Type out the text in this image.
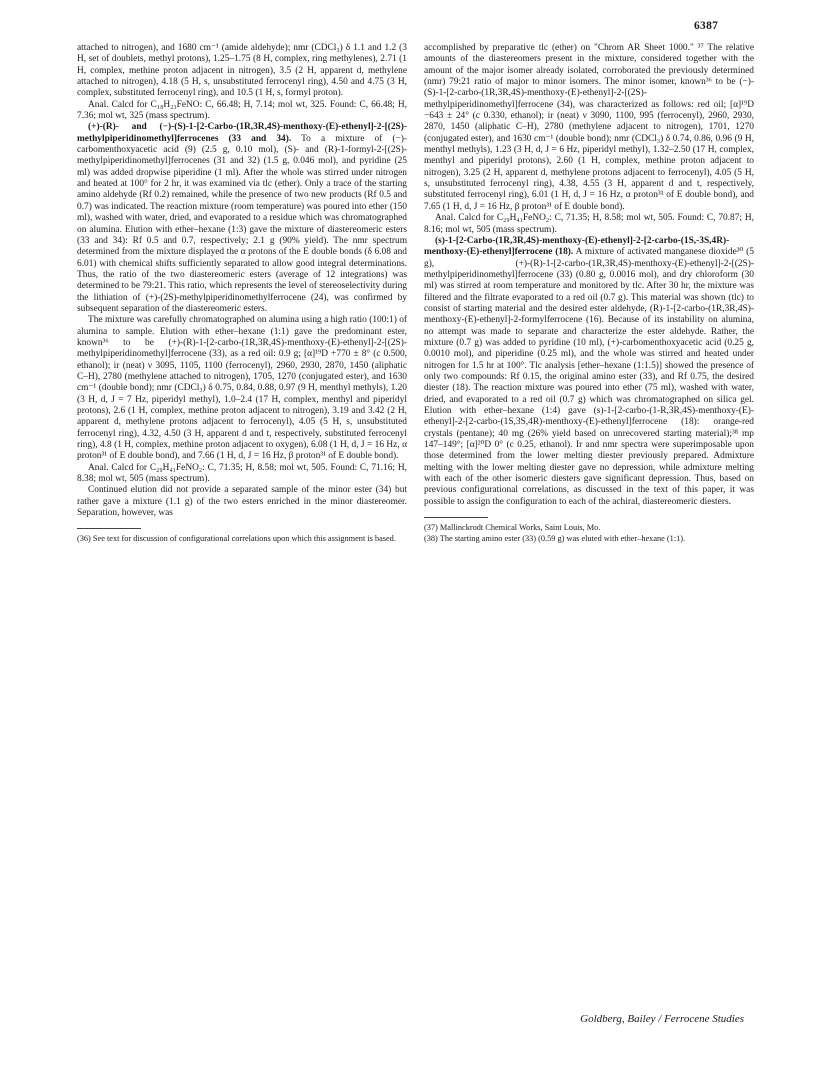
6387

attached to nitrogen), and 1680 cm⁻¹ (amide aldehyde); nmr (CDCl₃) δ 1.1 and 1.2 (3 H, set of doublets, methyl protons), 1.25–1.75 (8 H, complex, ring methylenes), 2.71 (1 H, complex, methine proton adjacent in nitrogen), 3.5 (2 H, apparent d, methylene attached to nitrogen), 4.18 (5 H, s, unsubstituted ferrocenyl ring), 4.50 and 4.75 (3 H, complex, substituted ferrocenyl ring), and 10.5 (1 H, s, formyl proton).

Anal. Calcd for C₁₈H₂₃FeNO: C, 66.48; H, 7.14; mol wt, 325. Found: C, 66.48; H, 7.36; mol wt, 325 (mass spectrum).

(+)-(R)- and (−)-(S)-1-[2-Carbo-(1R,3R,4S)-menthoxy-(E)-ethenyl]-2-[(2S)-methylpiperidinomethyl]ferrocenes (33 and 34). To a mixture of (−)-carbomenthoxyacetic acid (9) (2.5 g, 0.10 mol), (S)- and (R)-1-formyl-2-[(2S)-methylpiperidinomethyl]ferrocenes (31 and 32) (1.5 g, 0.046 mol), and pyridine (25 ml) was added dropwise piperidine (1 ml). After the whole was stirred under nitrogen and heated at 100° for 2 hr, it was examined via tlc (ether). Only a trace of the starting amino aldehyde (Rf 0.2) remained, while the presence of two new products (Rf 0.5 and 0.7) was indicated. The reaction mixture (room temperature) was poured into ether (150 ml), washed with water, dried, and evaporated to a residue which was chromatographed on alumina. Elution with ether–hexane (1:3) gave the mixture of diastereomeric esters (33 and 34): Rf 0.5 and 0.7, respectively; 2.1 g (90% yield). The nmr spectrum determined from the mixture displayed the α protons of the E double bonds (δ 6.08 and 6.01) with chemical shifts sufficiently separated to allow good integral determinations. Thus, the ratio of the two diastereomeric esters (average of 12 integrations) was determined to be 79:21. This ratio, which represents the level of stereoselectivity during the lithiation of (+)-(2S)-methylpiperidinomethylferrocene (24), was confirmed by subsequent separation of the diastereomeric esters.

The mixture was carefully chromatographed on alumina using a high ratio (100:1) of alumina to sample. Elution with ether–hexane (1:1) gave the predominant ester, known³⁶ to be (+)-(R)-1-[2-carbo-(1R,3R,4S)-menthoxy-(E)-ethenyl]-2-[(2S)-methylpiperidinomethyl]ferrocene (33), as a red oil: 0.9 g; [α]¹⁹D +770 ± 8° (c 0.500, ethanol); ir (neat) ν 3095, 1105, 1100 (ferrocenyl), 2960, 2930, 2870, 1450 (aliphatic C–H), 2780 (methylene attached to nitrogen), 1705, 1270 (conjugated ester), and 1630 cm⁻¹ (double bond); nmr (CDCl₃) δ 0.75, 0.84, 0.88, 0.97 (9 H, menthyl methyls), 1.20 (3 H, d, J = 7 Hz, piperidyl methyl), 1.0–2.4 (17 H, complex, menthyl and piperidyl protons), 2.6 (1 H, complex, methine proton adjacent to nitrogen), 3.19 and 3.42 (2 H, apparent d, methylene protons adjacent to ferrocenyl), 4.05 (5 H, s, unsubstituted ferrocenyl ring), 4.32, 4.50 (3 H, apparent d and t, respectively, substituted ferrocenyl ring), 4.8 (1 H, complex, methine proton adjacent to oxygen), 6.08 (1 H, d, J = 16 Hz, α proton³¹ of E double bond), and 7.66 (1 H, d, J = 16 Hz, β proton³¹ of E double bond).

Anal. Calcd for C₂₉H₄₁FeNO₂: C, 71.35; H, 8.58; mol wt, 505. Found: C, 71.16; H, 8.38; mol wt, 505 (mass spectrum).

Continued elution did not provide a separated sample of the minor ester (34) but rather gave a mixture (1.1 g) of the two esters enriched in the minor diastereomer. Separation, however, was

(36) See text for discussion of configurational correlations upon which this assignment is based.

accomplished by preparative tlc (ether) on "Chrom AR Sheet 1000." ³⁷ The relative amounts of the diastereomers present in the mixture, considered together with the amount of the major isomer already isolated, corroborated the previously determined (nmr) 79:21 ratio of major to minor isomers. The minor isomer, known³⁶ to be (−)-(S)-1-[2-carbo-(1R,3R,4S)-menthoxy-(E)-ethenyl]-2-[(2S)-methylpiperidinomethyl]ferrocene (34), was characterized as follows: red oil; [α]¹⁹D −643 ± 24° (c 0.330, ethanol); ir (neat) ν 3090, 1100, 995 (ferrocenyl), 2960, 2930, 2870, 1450 (aliphatic C–H), 2780 (methylene adjacent to nitrogen), 1701, 1270 (conjugated ester), and 1630 cm⁻¹ (double bond); nmr (CDCl₃) δ 0.74, 0.86, 0.96 (9 H, menthyl methyls), 1.23 (3 H, d, J = 6 Hz, piperidyl methyl), 1.32–2.50 (17 H, complex, menthyl and piperidyl protons), 2.60 (1 H, complex, methine proton adjacent to nitrogen), 3.25 (2 H, apparent d, methylene protons adjacent to ferrocenyl), 4.05 (5 H, s, unsubstituted ferrocenyl ring), 4.38, 4.55 (3 H, apparent d and t, respectively, substituted ferrocenyl ring), 6.01 (1 H, d, J = 16 Hz, α proton³¹ of E double bond), and 7.65 (1 H, d, J = 16 Hz, β proton³¹ of E double bond).

Anal. Calcd for C₂₉H₄₁FeNO₂: C, 71.35; H, 8.58; mol wt, 505. Found: C, 70.87; H, 8.16; mol wt, 505 (mass spectrum).

(s)-1-[2-Carbo-(1R,3R,4S)-menthoxy-(E)-ethenyl]-2-[2-carbo-(1S,-3S,4R)-menthoxy-(E)-ethenyl]ferrocene (18). A mixture of activated manganese dioxide³⁰ (5 g), (+)-(R)-1-[2-carbo-(1R,3R,4S)-menthoxy-(E)-ethenyl]-2-[(2S)-methylpiperidinomethyl]ferrocene (33) (0.80 g, 0.0016 mol), and dry chloroform (30 ml) was stirred at room temperature and monitored by tlc. After 30 hr, the mixture was filtered and the filtrate evaporated to a red oil (0.7 g). This material was shown (tlc) to consist of starting material and the desired ester aldehyde, (R)-1-[2-carbo-(1R,3R,4S)-menthoxy-(E)-ethenyl]-2-formylferrocene (16). Because of its instability on alumina, no attempt was made to separate and characterize the ester aldehyde. Rather, the mixture (0.7 g) was added to pyridine (10 ml), (+)-carbomenthoxyacetic acid (0.25 g, 0.0010 mol), and piperidine (0.25 ml), and the whole was stirred and heated under nitrogen for 1.5 hr at 100°. Tlc analysis [ether–hexane (1:1.5)] showed the presence of only two compounds: Rf 0.15, the original amino ester (33), and Rf 0.75, the desired diester (18). The reaction mixture was poured into ether (75 ml), washed with water, dried, and evaporated to a red oil (0.7 g) which was chromatographed on silica gel. Elution with ether–hexane (1:4) gave (s)-1-[2-carbo-(1-R,3R,4S)-menthoxy-(E)-ethenyl]-2-[2-carbo-(1S,3S,4R)-menthoxy-(E)-ethenyl]ferrocene (18): orange-red crystals (pentane); 40 mg (26% yield based on unrecovered starting material);³⁸ mp 147–149°; [α]²⁰D 0° (c 0.25, ethanol). Ir and nmr spectra were superimposable upon those determined from the lower melting diester previously prepared. Admixture melting with the lower melting diester gave no depression, while admixture melting with each of the other isomeric diesters gave significant depression. Thus, based on previous configurational correlations, as discussed in the text of this paper, it was possible to assign the configuration to each of the achiral, diastereomeric diesters.

(37) Mallinckrodt Chemical Works, Saint Louis, Mo.
(38) The starting amino ester (33) (0.59 g) was eluted with ether–hexane (1:1).
Goldberg, Bailey / Ferrocene Studies
